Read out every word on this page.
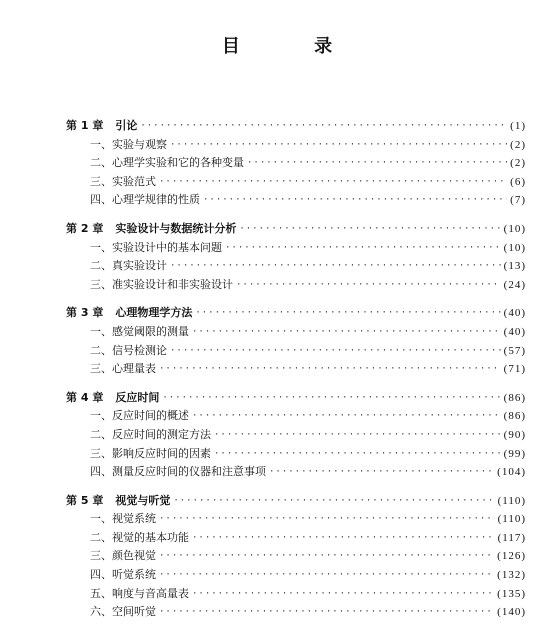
目 录
第 1 章 引论 ·····	(1)
一、实验与观察 ·····	(2)
二、心理学实验和它的各种变量 ·····	(2)
三、实验范式 ·····	(6)
四、心理学规律的性质 ·····	(7)
第 2 章 实验设计与数据统计分析 ·····	(10)
一、实验设计中的基本问题 ·····	(10)
二、真实验设计 ·····	(13)
三、准实验设计和非实验设计 ·····	(24)
第 3 章 心理物理学方法 ·····	(40)
一、感觉阈限的测量 ·····	(40)
二、信号检测论 ·····	(57)
三、心理量表 ·····	(71)
第 4 章 反应时间 ·····	(86)
一、反应时间的概述 ·····	(86)
二、反应时间的测定方法 ·····	(90)
三、影响反应时间的因素 ·····	(99)
四、测量反应时间的仪器和注意事项 ·····	(104)
第 5 章 视觉与听觉 ·····	(110)
一、视觉系统 ·····	(110)
二、视觉的基本功能 ·····	(117)
三、颜色视觉 ·····	(126)
四、听觉系统 ·····	(132)
五、响度与音高量表 ·····	(135)
六、空间听觉 ·····	(140)
